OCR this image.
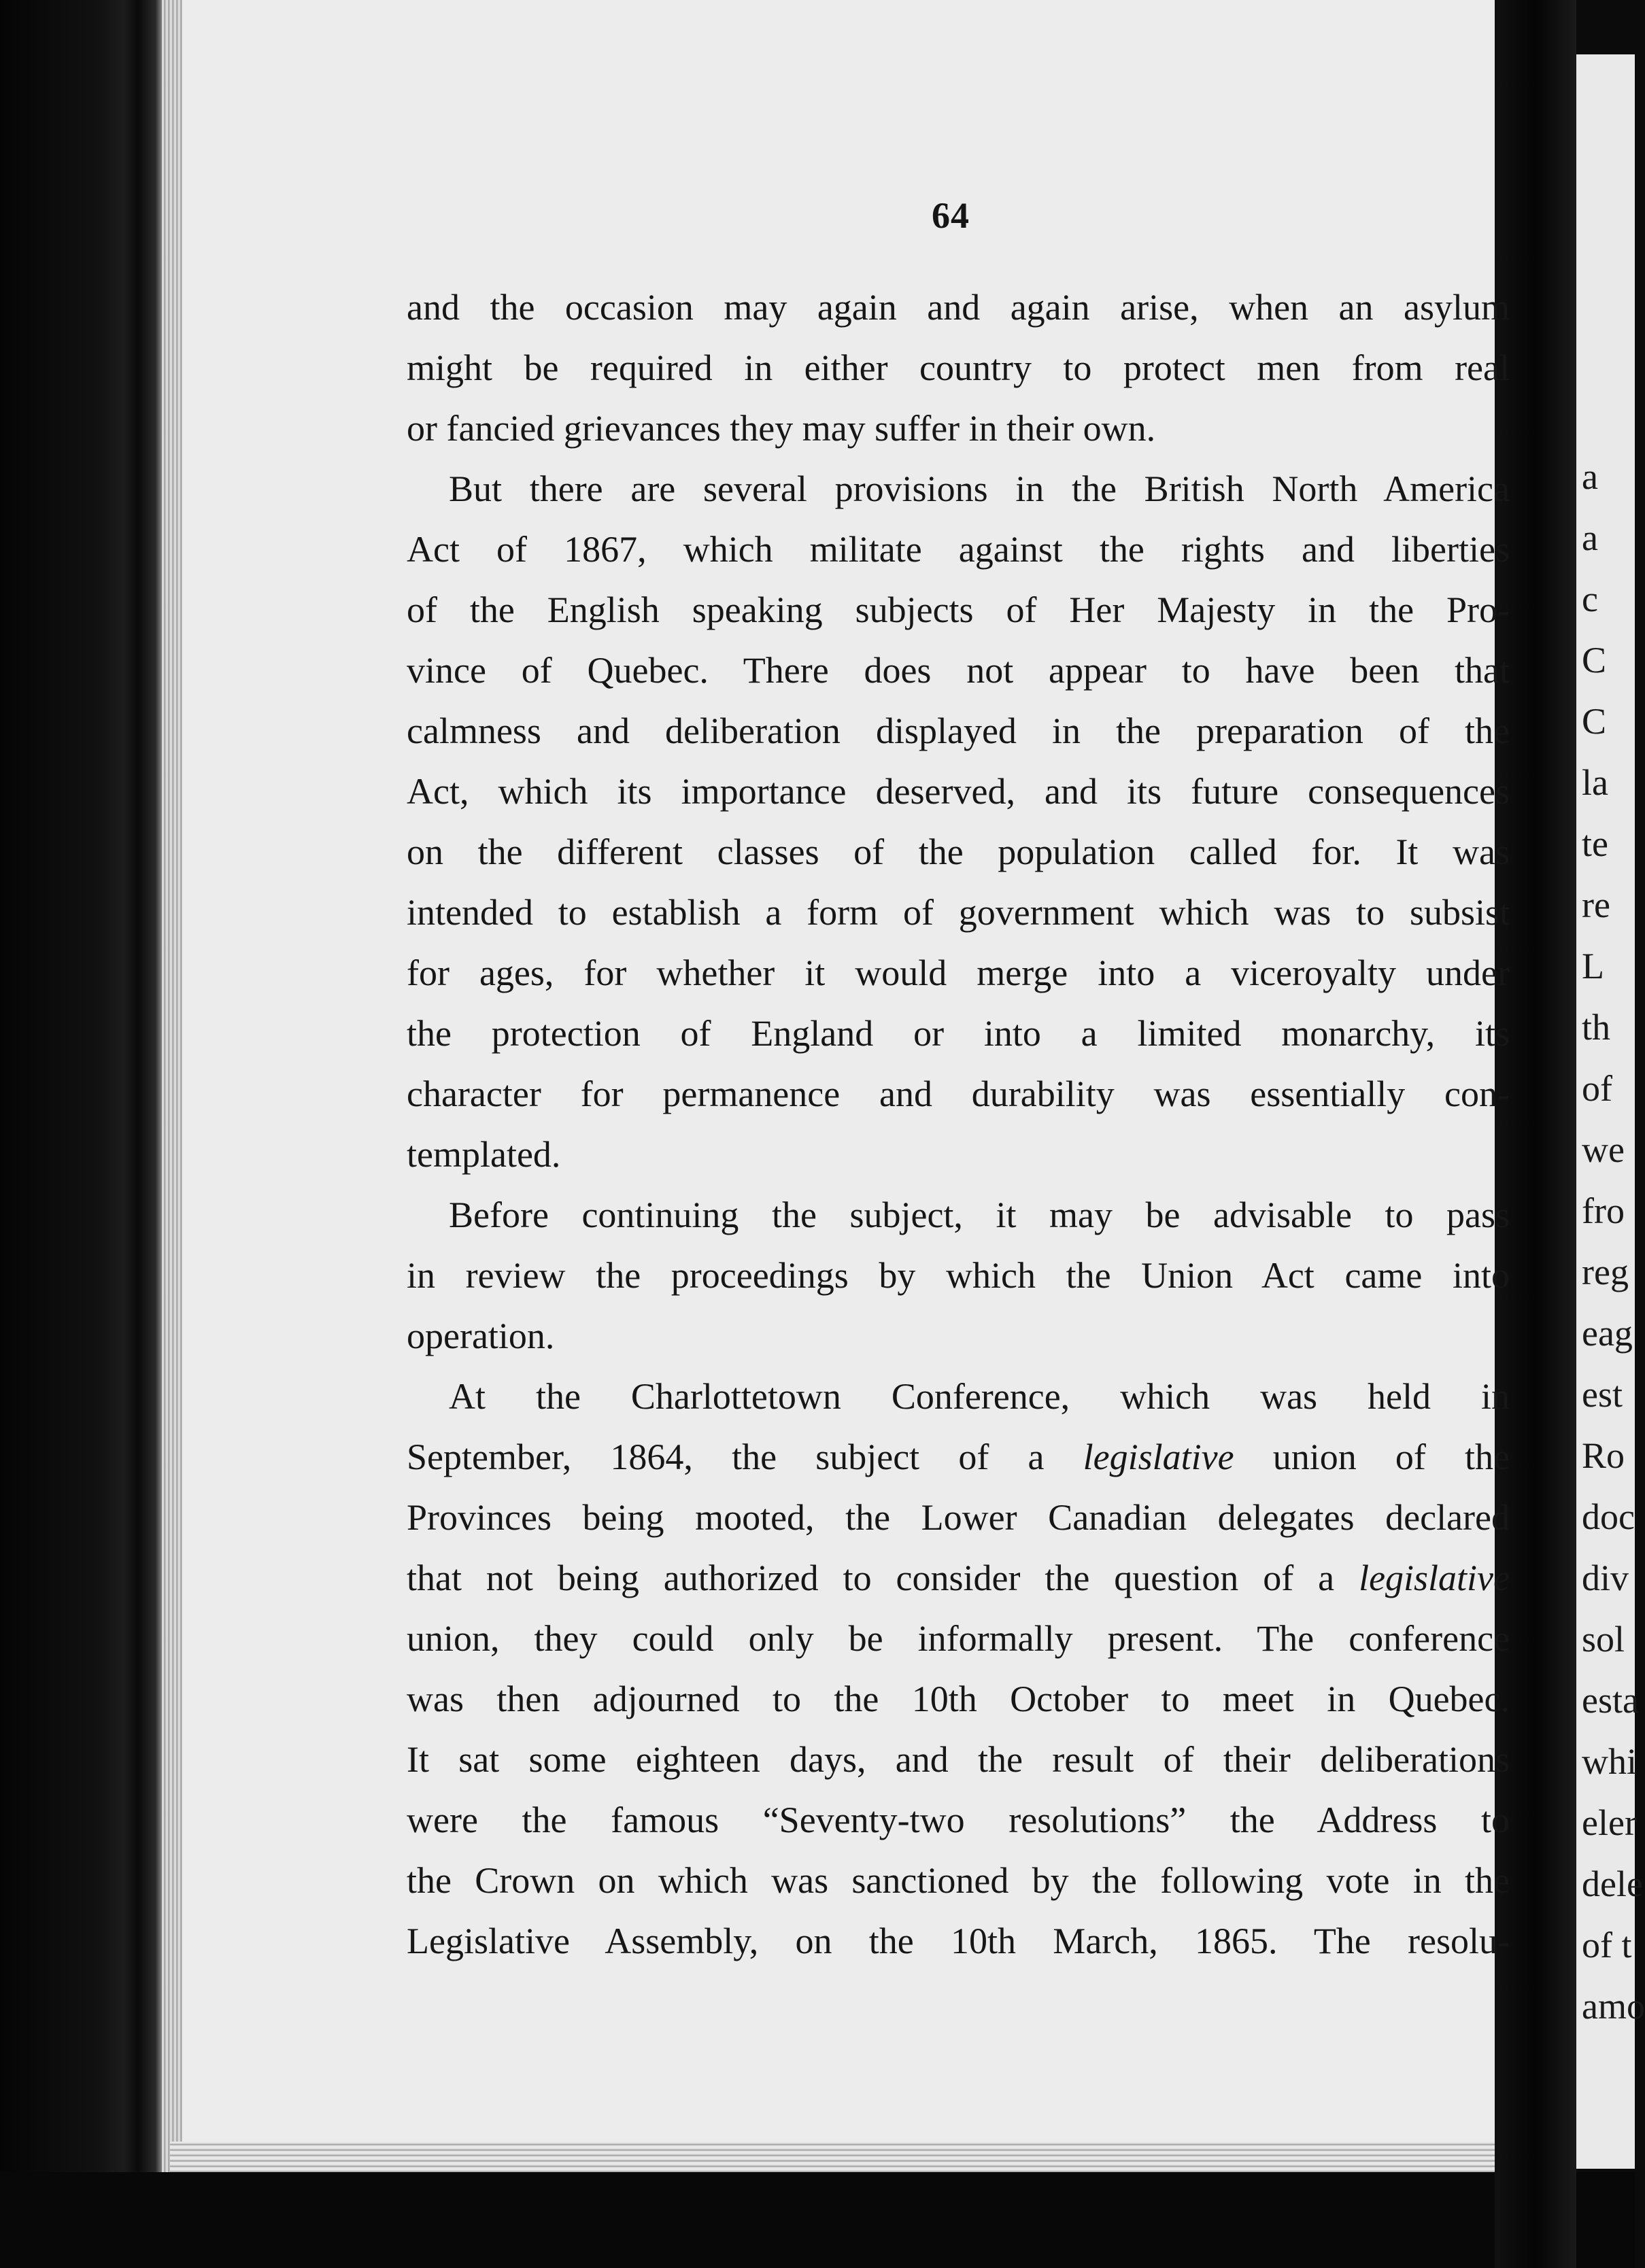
a
a
c
C
C
la
te
re
L
th
of
we
fro
reg
eag
est
Ro
doc
div
sol
esta
whi
eler
dele
of t
amo
64
and the occasion may again and again arise, when an asylum
might be required in either country to protect men from real
or fancied grievances they may suffer in their own.
But there are several provisions in the British North America
Act of 1867, which militate against the rights and liberties
of the English speaking subjects of Her Majesty in the Pro-
vince of Quebec. There does not appear to have been that
calmness and deliberation displayed in the preparation of the
Act, which its importance deserved, and its future consequences
on the different classes of the population called for. It was
intended to establish a form of government which was to subsist
for ages, for whether it would merge into a viceroyalty under
the protection of England or into a limited monarchy, its
character for permanence and durability was essentially con-
templated.
Before continuing the subject, it may be advisable to pass
in review the proceedings by which the Union Act came into
operation.
At the Charlottetown Conference, which was held in
September, 1864, the subject of a legislative union of the
Provinces being mooted, the Lower Canadian delegates declared
that not being authorized to consider the question of a legislative
union, they could only be informally present. The conference
was then adjourned to the 10th October to meet in Quebec.
It sat some eighteen days, and the result of their deliberations
were the famous “Seventy-two resolutions” the Address to
the Crown on which was sanctioned by the following vote in the
Legislative Assembly, on the 10th March, 1865. The resolu-
